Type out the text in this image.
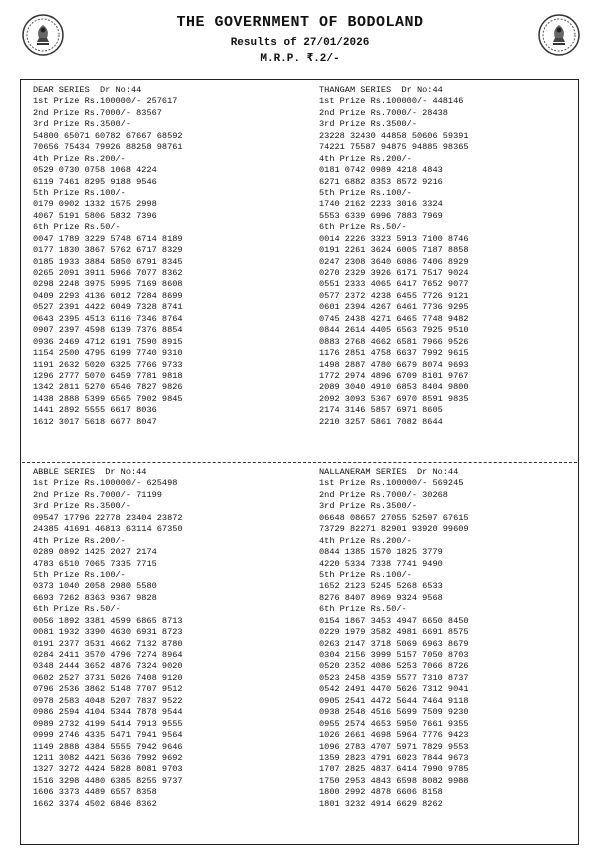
THE GOVERNMENT OF BODOLAND
Results of 27/01/2026
M.R.P. ₹.2/-
DEAR SERIES  Dr No:44
1st Prize Rs.100000/- 257617
2nd Prize Rs.7000/- 83567
3rd Prize Rs.3500/-
54800 65071 60782 67667 68592
70656 75434 79926 88258 98761
4th Prize Rs.200/-
0529 0730 0758 1068 4224
6119 7461 8295 9188 9546
5th Prize Rs.100/-
0179 0902 1332 1575 2998
4067 5191 5806 5832 7396
6th Prize Rs.50/-
0047 1789 3229 5748 6714 8189
0177 1830 3867 5762 6717 8329
0185 1933 3884 5850 6791 8345
0265 2091 3911 5966 7077 8362
0298 2248 3975 5995 7169 8608
0409 2293 4136 6012 7284 8699
0527 2391 4422 6049 7328 8741
0643 2395 4513 6116 7346 8764
0907 2397 4598 6139 7376 8854
0936 2469 4712 6191 7590 8915
1154 2500 4795 6199 7740 9310
1191 2632 5020 6325 7766 9733
1296 2777 5070 6459 7781 9818
1342 2811 5270 6546 7827 9826
1438 2888 5399 6565 7902 9845
1441 2892 5555 6617 8036
1612 3017 5618 6677 8047
THANGAM SERIES  Dr No:44
1st Prize Rs.100000/- 448146
2nd Prize Rs.7000/- 28438
3rd Prize Rs.3500/-
23228 32430 44858 50606 59391
74221 75587 94875 94885 98365
4th Prize Rs.200/-
0181 0742 0989 4218 4843
6271 6882 8353 8572 9216
5th Prize Rs.100/-
1740 2162 2233 3016 3324
5553 6339 6996 7883 7969
6th Prize Rs.50/-
0014 2226 3323 5913 7100 8746
0191 2261 3624 6005 7187 8858
0247 2308 3640 6086 7406 8929
0270 2329 3926 6171 7517 9024
0551 2333 4065 6417 7652 9077
0577 2372 4238 6455 7726 9121
0601 2394 4267 6461 7736 9295
0745 2438 4271 6465 7748 9482
0844 2614 4405 6563 7925 9510
0883 2768 4662 6581 7966 9526
1176 2851 4758 6637 7992 9615
1498 2887 4780 6679 8074 9693
1772 2974 4896 6709 8101 9767
2089 3040 4910 6853 8404 9800
2092 3093 5367 6970 8591 9835
2174 3146 5857 6971 8605
2210 3257 5861 7082 8644
ABBLE SERIES  Dr No:44
1st Prize Rs.100000/- 625498
2nd Prize Rs.7000/- 71199
3rd Prize Rs.3500/-
09547 17796 22778 23404 23872
24385 41691 46813 63114 67350
4th Prize Rs.200/-
0289 0892 1425 2027 2174
4783 6510 7065 7335 7715
5th Prize Rs.100/-
0373 1040 2058 2980 5580
6693 7262 8363 9367 9828
6th Prize Rs.50/-
0056 1892 3381 4599 6865 8713
0081 1932 3390 4630 6931 8723
0191 2377 3531 4662 7132 8780
0284 2411 3570 4796 7274 8964
0348 2444 3652 4876 7324 9020
0602 2527 3731 5026 7408 9120
0796 2536 3862 5148 7707 9512
0978 2583 4048 5207 7837 9522
0986 2594 4104 5344 7878 9544
0989 2732 4199 5414 7913 9555
0999 2746 4335 5471 7941 9564
1149 2888 4384 5555 7942 9646
1211 3082 4421 5636 7992 9692
1327 3272 4424 5828 8081 9703
1516 3298 4480 6385 8255 9737
1606 3373 4489 6557 8358
1662 3374 4502 6846 8362
NALLANERAM SERIES  Dr No:44
1st Prize Rs.100000/- 569245
2nd Prize Rs.7000/- 30268
3rd Prize Rs.3500/-
06648 08657 27055 52597 67615
73729 82271 82901 93920 99609
4th Prize Rs.200/-
0844 1385 1570 1825 3779
4220 5334 7338 7741 9490
5th Prize Rs.100/-
1652 2123 5245 5268 6533
8276 8407 8969 9324 9568
6th Prize Rs.50/-
0154 1867 3453 4947 6650 8450
0229 1979 3582 4981 6691 8575
0263 2147 3718 5069 6963 8679
0304 2156 3999 5157 7050 8703
0520 2352 4086 5253 7066 8726
0523 2458 4359 5577 7310 8737
0542 2491 4470 5626 7312 9041
0905 2541 4472 5644 7464 9118
0938 2548 4516 5699 7509 9230
0955 2574 4653 5950 7661 9355
1026 2661 4698 5964 7776 9423
1096 2783 4707 5971 7829 9553
1359 2823 4791 6023 7844 9673
1707 2825 4837 6414 7990 9785
1750 2953 4843 6598 8082 9988
1800 2992 4878 6606 8158
1801 3232 4914 6629 8262
